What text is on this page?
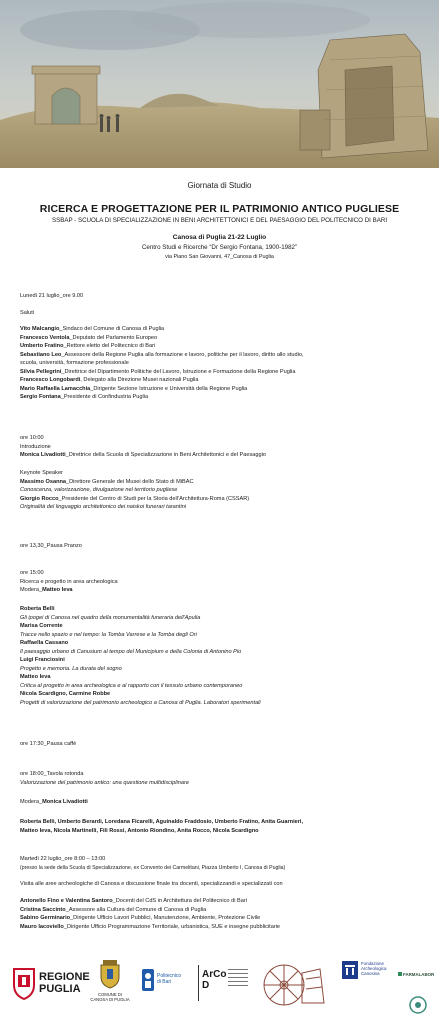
Giornata di Studio
RICERCA E PROGETTAZIONE PER IL PATRIMONIO ANTICO PUGLIESE
SSBAP - SCUOLA DI SPECIALIZZAZIONE IN BENI ARCHITETTONICI E DEL PAESAGGIO DEL POLITECNICO DI BARI
Canosa di Puglia 21-22 Luglio
Centro Studi e Ricerche “Dr Sergio Fontana, 1900-1982”
via Piano San Giovanni, 47_Canosa di Puglia
Lunedì 21 luglio_ore 9.00
Saluti
Vito Malcangio_Sindaco del Comune di Canosa di Puglia
Francesco Ventola_Deputato del Parlamento Europeo
Umberto Fratino_Rettore eletto del Politecnico di Bari
Sebastiano Leo_Assessore della Regione Puglia alla formazione e lavoro, politiche per il lavoro, diritto allo studio,
scuola, università, formazione professionale
Silvia Pellegrini_Direttrice del Dipartimento Politiche del Lavoro, Istruzione e Formazione della Regione Puglia
Francesco Longobardi, Delegato alla Direzione Musei nazionali Puglia
Mario Raffaella Lamacchia_Dirigente Sezione Istruzione e Università della Regione Puglia
Sergio Fontana_Presidente di Confindustria Puglia
ore 10:00
Introduzione
Monica Livadiotti_Direttrice della Scuola di Specializzazione in Beni Architettonici e del Paesaggio
Keynote Speaker
Massimo Osanna_Direttore Generale dei Musei dello Stato di MiBAC
Conoscenza, valorizzazione, divulgazione nel territorio pugliese
Giorgio Rocco_Presidente del Centro di Studi per la Storia dell’Architettura-Roma (CSSAR)
Originalità del linguaggio architettonico dei naiskoi funerari tarantini
ore 13,30_Pausa Pranzo
ore 15:00
Ricerca e progetto in area archeologica
Modera_Matteo Ieva
Roberta Belli
Gli ipogei di Canosa nel quadro della monumentalità funeraria dell’Apulia
Marisa Corrente
Tracce nello spazio e nel tempo: la Tomba Varrese e la Tomba degli Ori
Raffaella Cassano
Il paesaggio urbano di Canusium al tempo del Municipium e della Colonia di Antonino Pio
Luigi Franciosini
Progetto e memoria. La durata del sogno
Matteo Ieva
Critica al progetto in area archeologica e al rapporto con il tessuto urbano contemporaneo
Nicola Scardigno, Carmine Robbe
Progetti di valorizzazione del patrimonio archeologico a Canosa di Puglia. Laboratori sperimentali
ore 17:30_Pausa caffè
ore 18:00_Tavola rotonda
Valorizzazione del patrimonio antico: una questione multidisciplinare
Modera_Monica Livadiotti
Roberta Belli, Umberto Berardi, Loredana Ficarelli, Aguinaldo Fraddosio, Umberto Fratino, Anita Guarnieri,
Matteo Ieva, Nicola Martinelli, Fili Rossi, Antonio Riondino, Anita Rocco, Nicola Scardigno
Martedì 22 luglio_ore 8:00 – 13:00
(presso la sede della Scuola di Specializzazione, ex Convento dei Carmelitani, Piazza Umberto I, Canosa di Puglia)
Visita alle aree archeologiche di Canosa e discussione finale tra docenti, specializzandi e specializzati con
Antonello Fino e Valentina Santoro_Docenti del CdS in Architettura del Politecnico di Bari
Cristina Saccinto_Assessore alla Cultura del Comune di Canosa di Puglia
Sabino Germinario_Dirigente Ufficio Lavori Pubblici, Manutenzione, Ambiente, Protezione Civile
Mauro Iacoviello_Dirigente Ufficio Programmazione Territoriale, urbanistica, SUE e insegne pubblicitarie
REGIONE PUGLIA	COMUNE DI
CANOSA DI PUGLIA
Politecnico
di Bari
ArCo
D
Fondazione
Archeologica
Canosina	FARMALABOR
